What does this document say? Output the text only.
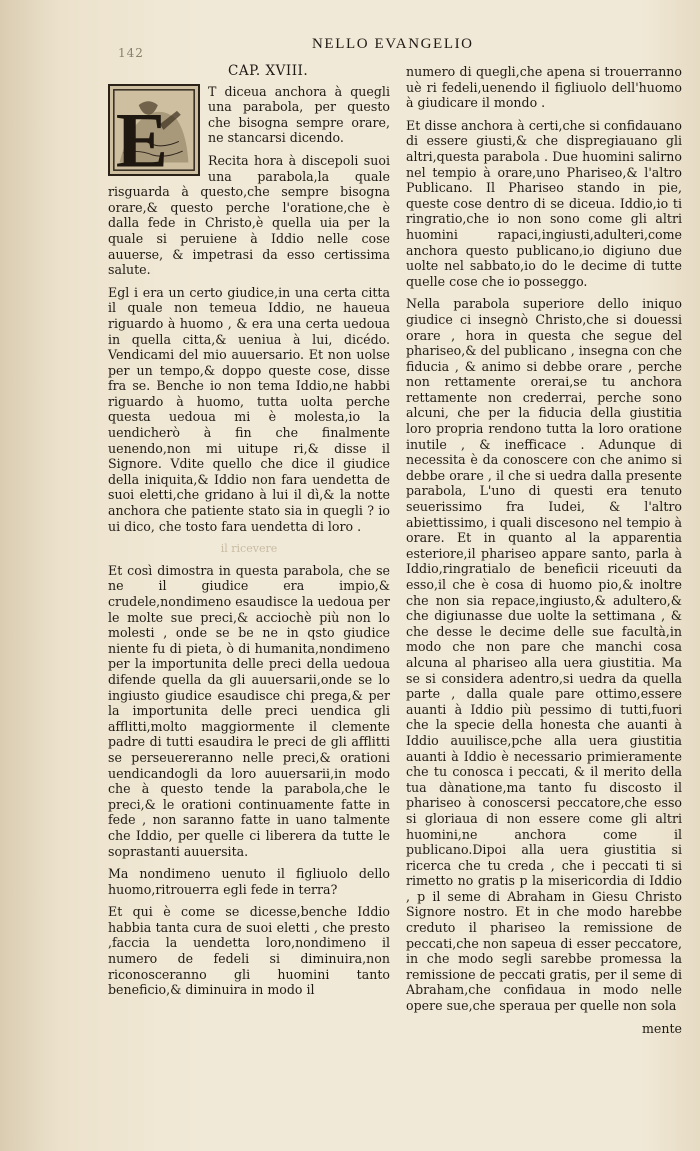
142
NELLO EVANGELIO
CAP. XVIII.
E

T diceua anchora à quegli una parabola, per questo che bisogna sempre orare, ne stancarsi dicendo.

Recita hora à discepoli suoi una parabola,la quale risguarda à questo,che sempre bisogna orare,& questo perche l'oratione,che è dalla fede in Christo,è quella uia per la quale si peruiene à Iddio nelle cose auuerse, & impetrasi da esso certissima salute.

Egl i era un certo giudice,in una certa citta il quale non temeua Iddio, ne haueua riguardo à huomo , & era una certa uedoua in quella citta,& ueniua à lui, dicédo. Vendicami del mio auuersario. Et non uolse per un tempo,& doppo queste cose, disse fra se. Benche io non tema Iddio,ne habbi riguardo à huomo, tutta uolta perche questa uedoua mi è molesta,io la uendicherò à fin che finalmente uenendo,non mi uitupe ri,& disse il Signore. Vdite quello che dice il giudice della iniquita,& Iddio non fara uendetta de suoi eletti,che gridano à lui il dì,& la notte anchora che patiente stato sia in quegli ? io ui dico, che tosto fara uendetta di loro .

il ricevere

Et così dimostra in questa parabola, che se ne il giudice era impio,& crudele,nondimeno esaudisce la uedoua per le molte sue preci,& acciochè più non lo molesti , onde se be ne in qsto giudice niente fu di pieta, ò di humanita,nondimeno per la importunita delle preci della uedoua difende quella da gli auuersarii,onde se lo ingiusto giudice esaudisce chi prega,& per la importunita delle preci uendica gli afflitti,molto maggiormente il clemente padre di tutti esaudira le preci de gli afflitti se perseuereranno nelle preci,& orationi uendicandogli da loro auuersarii,in modo che à questo tende la parabola,che le preci,& le orationi continuamente fatte in fede , non saranno fatte in uano talmente che Iddio, per quelle ci liberera da tutte le soprastanti auuersita.

Ma nondimeno uenuto il figliuolo dello huomo,ritrouerra egli fede in terra?

Et qui è come se dicesse,benche Iddio habbia tanta cura de suoi eletti , che presto ,faccia la uendetta loro,nondimeno il numero de fedeli si diminuira,non riconosceranno gli huomini tanto beneficio,& diminuira in modo il

numero di quegli,che apena si trouerranno uè ri fedeli,uenendo il figliuolo dell'huomo à giudicare il mondo .

Et disse anchora à certi,che si confidauano di essere giusti,& che dispregiauano gli altri,questa parabola . Due huomini salirno nel tempio à orare,uno Phariseo,& l'altro Publicano. Il Phariseo stando in pie, queste cose dentro di se diceua. Iddio,io ti ringratio,che io non sono come gli altri huomini rapaci,ingiusti,adulteri,come anchora questo publicano,io digiuno due uolte nel sabbato,io do le decime di tutte quelle cose che io posseggo.

Nella parabola superiore dello iniquo giudice ci insegnò Christo,che si douessi orare , hora in questa che segue del phariseo,& del publicano , insegna con che fiducia , & animo si debbe orare , perche non rettamente orerai,se tu anchora rettamente non crederrai, perche sono alcuni, che per la fiducia della giustitia loro propria rendono tutta la loro oratione inutile , & inefficace . Adunque di necessita è da conoscere con che animo si debbe orare , il che si uedra dalla presente parabola, L'uno di questi era tenuto seuerissimo fra Iudei, & l'altro abiettissimo, i quali discesono nel tempio à orare. Et in quanto al la apparentia esteriore,il phariseo appare santo, parla à Iddio,ringratialo de beneficii riceuuti da esso,il che è cosa di huomo pio,& inoltre che non sia repace,ingiusto,& adultero,& che digiunasse due uolte la settimana , & che desse le decime delle sue facultà,in modo che non pare che manchi cosa alcuna al phariseo alla uera giustitia. Ma se si considera adentro,si uedra da quella parte , dalla quale pare ottimo,essere auanti à Iddio più pessimo di tutti,fuori che la specie della honesta che auanti à Iddio auuilisce,pche alla uera giustitia auanti à Iddio è necessario primieramente che tu conosca i peccati, & il merito della tua dànatione,ma tanto fu discosto il phariseo à conoscersi peccatore,che esso si gloriaua di non essere come gli altri huomini,ne anchora come il publicano.Dipoi alla uera giustitia si ricerca che tu creda , che i peccati ti si rimetto no gratis p la misericordia di Iddio , p il seme di Abraham in Giesu Christo Signore nostro. Et in che modo harebbe creduto il phariseo la remissione de peccati,che non sapeua di esser peccatore, in che modo segli sarebbe promessa la remissione de peccati gratis, per il seme di Abraham,che confidaua in modo nelle opere sue,che speraua per quelle non sola

mente
